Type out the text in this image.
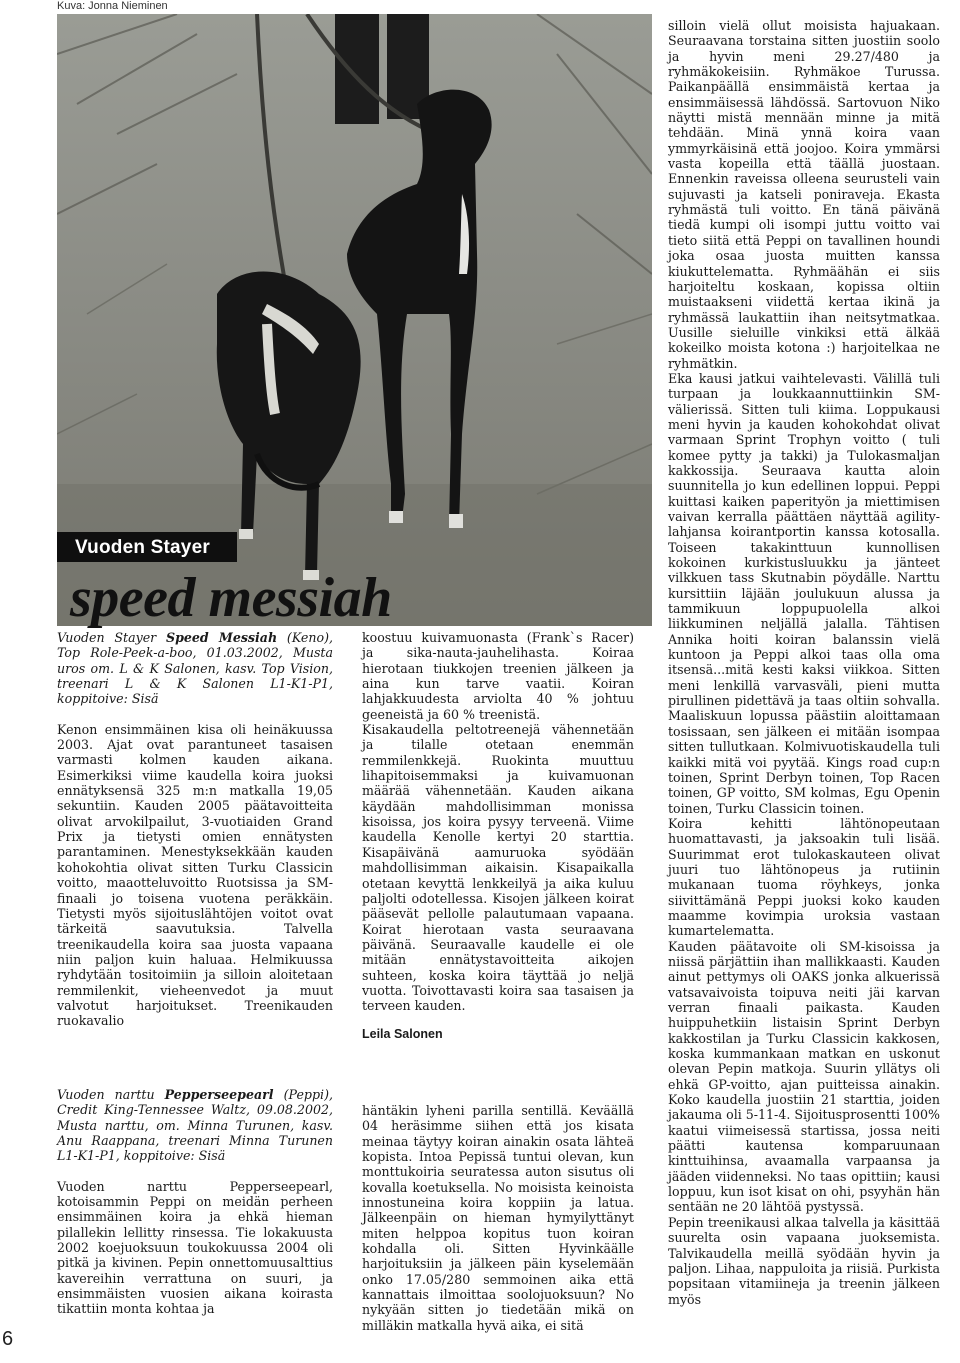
Kuva: Jonna Nieminen
Vuoden Stayer
speed messiah

Vuoden Stayer Speed Messiah (Keno), Top Role-Peek-a-boo, 01.03.2002, Musta uros om. L & K Salonen, kasv. Top Vision, treenari L & K Salonen L1-K1-P1, koppitoive: Sisä

Kenon ensimmäinen kisa oli heinäkuussa 2003. Ajat ovat parantuneet tasaisen varmasti kolmen kauden aikana. Esimerkiksi viime kaudella koira juoksi ennätyksensä 325 m:n matkalla 19,05 sekuntiin. Kauden 2005 päätavoitteita olivat arvokilpailut, 3-vuotiaiden Grand Prix ja tietysti omien ennätysten parantaminen. Menestyksekkään kauden kohokohtia olivat sitten Turku Classicin voitto, maaotteluvoitto Ruotsissa ja SM-finaali jo toisena vuotena peräkkäin. Tietysti myös sijoituslähtöjen voitot ovat tärkeitä saavutuksia. Talvella treenikaudella koira saa juosta vapaana niin paljon kuin haluaa. Helmikuussa ryhdytään tositoimiin ja silloin aloitetaan remmilenkit, vieheenvedot ja muut valvotut harjoitukset. Treenikauden ruokavalio

Vuoden narttu Pepperseepearl (Peppi), Credit King-Tennessee Waltz, 09.08.2002, Musta narttu, om. Minna Turunen, kasv. Anu Raappana, treenari Minna Turunen L1-K1-P1, koppitoive: Sisä

Vuoden narttu Pepperseepearl, kotoisammin Peppi on meidän perheen ensimmäinen koira ja ehkä hieman pilallekin lellitty rinsessa. Tie lokakuusta 2002 koejuoksuun toukokuussa 2004 oli pitkä ja kivinen. Pepin onnettomuusalttius kavereihin verrattuna on suuri, ja ensimmäisten vuosien aikana koirasta tikattiin monta kohtaa ja

koostuu kuivamuonasta (Frank`s Racer) ja sika-nauta-jauhelihasta. Koiraa hierotaan tiukkojen treenien jälkeen ja aina kun tarve vaatii. Koiran lahjakkuudesta arviolta 40 % johtuu geeneistä ja 60 % treenistä.

Kisakaudella peltotreenejä vähennetään ja tilalle otetaan enemmän remmilenkkejä. Ruokinta muuttuu lihapitoisemmaksi ja kuivamuonan määrää vähennetään. Kauden aikana käydään mahdollisimman monissa kisoissa, jos koira pysyy terveenä. Viime kaudella Kenolle kertyi 20 starttia. Kisapäivänä aamuruoka syödään mahdollisimman aikaisin. Kisapaikalla otetaan kevyttä lenkkeilyä ja aika kuluu paljolti odotellessa. Kisojen jälkeen koirat pääsevät pellolle palautumaan vapaana. Koirat hierotaan vasta seuraavana päivänä. Seuraavalle kaudelle ei ole mitään ennätystavoitteita aikojen suhteen, koska koira täyttää jo neljä vuotta. Toivottavasti koira saa tasaisen ja terveen kauden.

Leila Salonen

häntäkin lyheni parilla sentillä. Keväällä 04 heräsimme siihen että jos kisata meinaa täytyy koiran ainakin osata lähteä kopista. Intoa Pepissä tuntui olevan, kun monttukoiria seuratessa auton sisutus oli kovalla koetuksella. No moisista keinoista innostuneina koira koppiin ja latua. Jälkeenpäin on hieman hymyilyttänyt miten helppoa kopitus tuon koiran kohdalla oli. Sitten Hyvinkäälle harjoituksiin ja jälkeen päin kyselemään onko 17.05/280 semmoinen aika että kannattais ilmoittaa soolojuoksuun? No nykyään sitten jo tiedetään mikä on milläkin matkalla hyvä aika, ei sitä

silloin vielä ollut moisista hajuakaan. Seuraavana torstaina sitten juostiin soolo ja hyvin meni 29.27/480 ja ryhmäkokeisiin. Ryhmäkoe Turussa. Paikanpäällä ensimmäistä kertaa ja ensimmäisessä lähdössä. Sartovuon Niko näytti mistä mennään minne ja mitä tehdään. Minä ynnä koira vaan ymmyrkäisinä että joojoo. Koira ymmärsi vasta kopeilla että täällä juostaan. Ennenkin raveissa olleena seurusteli vain sujuvasti ja katseli poniraveja. Ekasta ryhmästä tuli voitto. En tänä päivänä tiedä kumpi oli isompi juttu voitto vai tieto siitä että Peppi on tavallinen houndi joka osaa juosta muitten kanssa kiukuttelematta. Ryhmäähän ei siis harjoiteltu koskaan, kopissa oltiin muistaakseni viidettä kertaa ikinä ja ryhmässä laukattiin ihan neitsytmatkaa. Uusille sieluille vinkiksi että älkää kokeilko moista kotona :) harjoitelkaa ne ryhmätkin.

Eka kausi jatkui vaihtelevasti. Välillä tuli turpaan ja loukkaannuttiinkin SM- välierissä. Sitten tuli kiima. Loppukausi meni hyvin ja kauden kohokohdat olivat varmaan Sprint Trophyn voitto ( tuli komee pytty ja takki) ja Tulokasmaljan kakkossija. Seuraava kautta aloin suunnitella jo kun edellinen loppui. Peppi kuittasi kaiken paperityön ja miettimisen vaivan kerralla päättäen näyttää agility-lahjansa koirantportin kanssa kotosalla. Toiseen takakinttuun kunnollisen kokoinen kurkistusluukku ja jänteet vilkkuen tass Skutnabin pöydälle. Narttu kursittiin läjään joulukuun alussa ja tammikuun loppupuolella alkoi liikkuminen neljällä jalalla. Tähtisen Annika hoiti koiran balanssin vielä kuntoon ja Peppi alkoi taas olla oma itsensä...mitä kesti kaksi viikkoa. Sitten meni lenkillä varvasväli, pieni mutta pirullinen pidettävä ja taas oltiin sohvalla. Maaliskuun lopussa päästiin aloittamaan tosissaan, sen jälkeen ei mitään isompaa sitten tullutkaan. Kolmivuotiskaudella tuli kaikki mitä voi pyytää. Kings road cup:n toinen, Sprint Derbyn toinen, Top Racen toinen, GP voitto, SM kolmas, Egu Openin toinen, Turku Classicin toinen.

Koira kehitti lähtönopeutaan huomattavasti, ja jaksoakin tuli lisää. Suurimmat erot tulokaskauteen olivat juuri tuo lähtönopeus ja rutiinin mukanaan tuoma röyhkeys, jonka siivittämänä Peppi juoksi koko kauden maamme kovimpia uroksia vastaan kumartelematta.

Kauden päätavoite oli SM-kisoissa ja niissä pärjättiin ihan mallikkaasti. Kauden ainut pettymys oli OAKS jonka alkuerissä vatsavaivoista toipuva neiti jäi karvan verran finaali paikasta. Kauden huippuhetkiin listaisin Sprint Derbyn kakkostilan ja Turku Classicin kakkosen, koska kummankaan matkan en uskonut olevan Pepin matkoja. Suurin yllätys oli ehkä GP-voitto, ajan puitteissa ainakin. Koko kaudella juostiin 21 starttia, joiden jakauma oli 5-11-4. Sijoitusprosentti 100% kaatui viimeisessä startissa, jossa neiti päätti kautensa komparuunaan kinttuihinsa, avaamalla varpaansa ja jääden viidenneksi. No taas opittiin; kausi loppuu, kun isot kisat on ohi, psyyhän hän sentään ne 20 lähtöä pystyssä.

Pepin treenikausi alkaa talvella ja käsittää suurelta osin vapaana juoksemista. Talvikaudella meillä syödään hyvin ja paljon. Lihaa, nappuloita ja riisiä. Purkista popsitaan vitamiineja ja treenin jälkeen myös

6
